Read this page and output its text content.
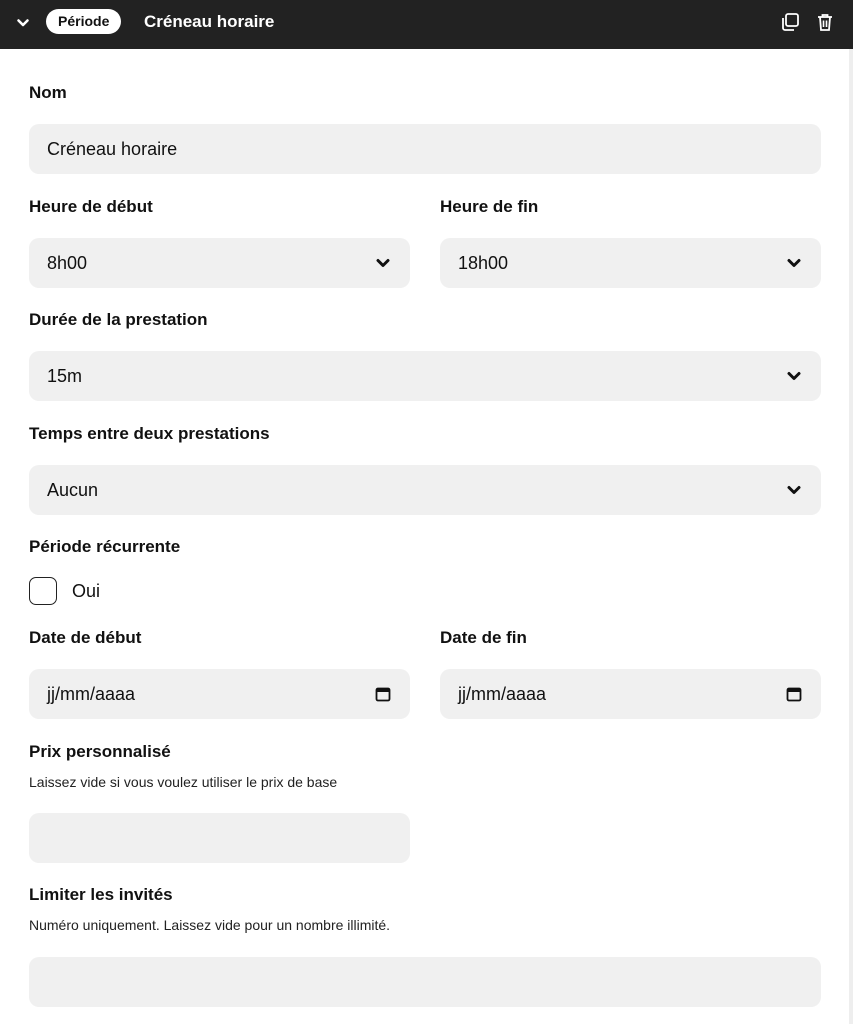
Période	Créneau horaire
Nom
Créneau horaire
Heure de début	Heure de fin
8h00	18h00
Durée de la prestation
15m
Temps entre deux prestations
Aucun
Période récurrente
Oui
Date de début	Date de fin
jj/mm/aaaa	jj/mm/aaaa
Prix personnalisé
Laissez vide si vous voulez utiliser le prix de base
Limiter les invités
Numéro uniquement. Laissez vide pour un nombre illimité.
